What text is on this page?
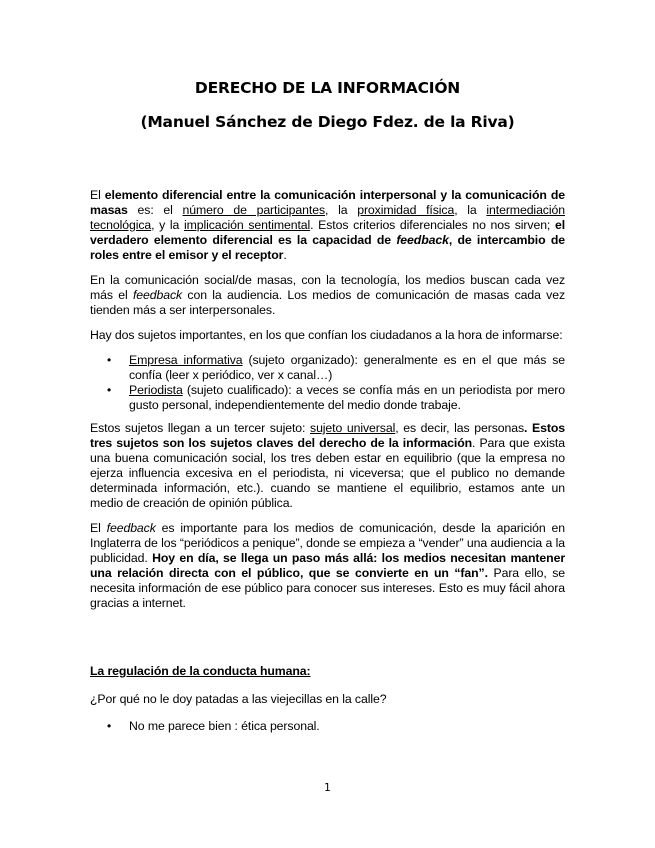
DERECHO DE LA INFORMACIÓN
(Manuel Sánchez de Diego Fdez. de la Riva)

El elemento diferencial entre la comunicación interpersonal y la comunicación de masas es: el número de participantes, la proximidad física, la intermediación tecnológica, y la implicación sentimental. Estos criterios diferenciales no nos sirven; el verdadero elemento diferencial es la capacidad de feedback, de intercambio de roles entre el emisor y el receptor.

En la comunicación social/de masas, con la tecnología, los medios buscan cada vez más el feedback con la audiencia. Los medios de comunicación de masas cada vez tienden más a ser interpersonales.

Hay dos sujetos importantes, en los que confían los ciudadanos a la hora de informarse:

• Empresa informativa (sujeto organizado): generalmente es en el que más se confía (leer x periódico, ver x canal…)
• Periodista (sujeto cualificado): a veces se confía más en un periodista por mero gusto personal, independientemente del medio donde trabaje.

Estos sujetos llegan a un tercer sujeto: sujeto universal, es decir, las personas. Estos tres sujetos son los sujetos claves del derecho de la información. Para que exista una buena comunicación social, los tres deben estar en equilibrio (que la empresa no ejerza influencia excesiva en el periodista, ni viceversa; que el publico no demande determinada información, etc.). cuando se mantiene el equilibrio, estamos ante un medio de creación de opinión pública.

El feedback es importante para los medios de comunicación, desde la aparición en Inglaterra de los “periódicos a penique”, donde se empieza a “vender” una audiencia a la publicidad. Hoy en día, se llega un paso más allá: los medios necesitan mantener una relación directa con el público, que se convierte en un “fan”. Para ello, se necesita información de ese público para conocer sus intereses. Esto es muy fácil ahora gracias a internet.

La regulación de la conducta humana:

¿Por qué no le doy patadas a las viejecillas en la calle?

• No me parece bien : ética personal.
1
